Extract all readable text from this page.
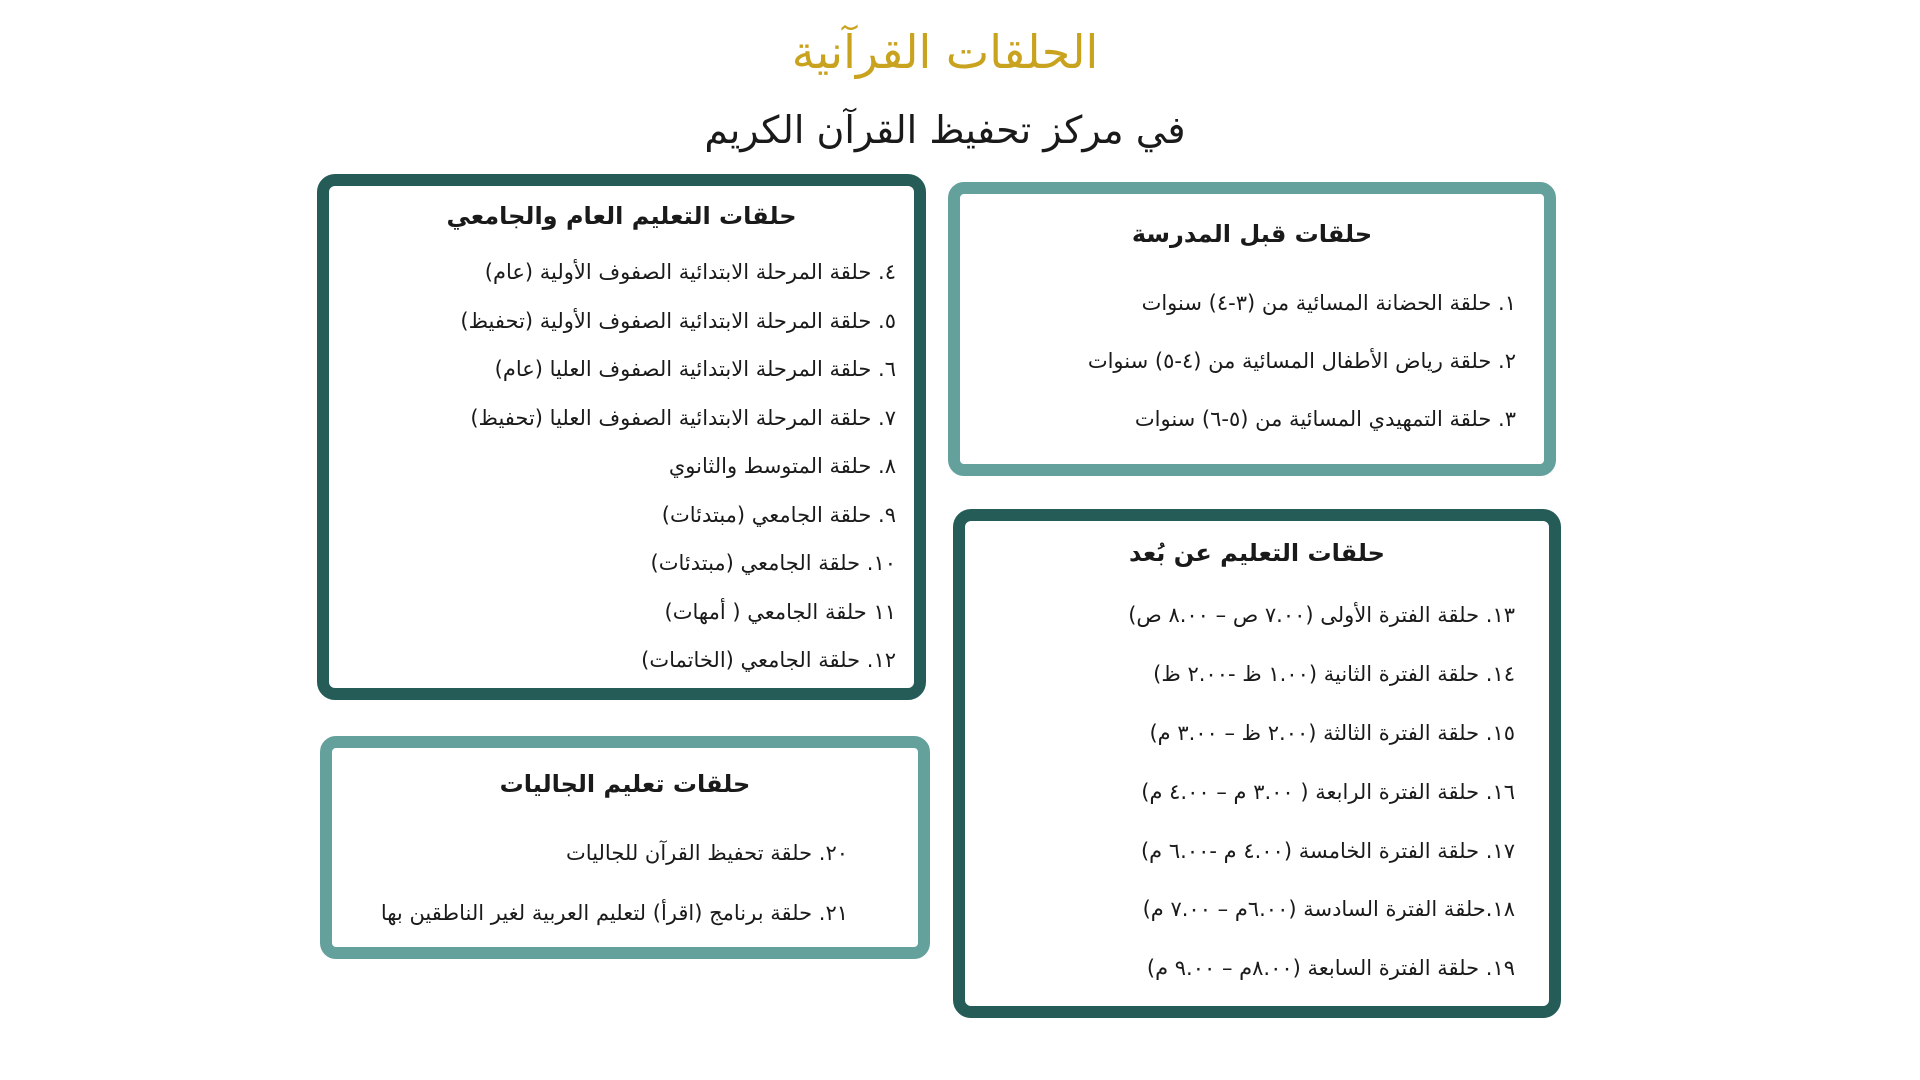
الحلقات القرآنية
في مركز تحفيظ القرآن الكريم
حلقات التعليم العام والجامعي
٤. حلقة المرحلة الابتدائية الصفوف الأولية (عام)
٥. حلقة المرحلة الابتدائية الصفوف الأولية (تحفيظ)
٦. حلقة المرحلة الابتدائية الصفوف العليا (عام)
٧. حلقة المرحلة الابتدائية الصفوف العليا (تحفيظ)
٨. حلقة المتوسط والثانوي
٩. حلقة الجامعي (مبتدئات)
١٠. حلقة الجامعي (مبتدئات)
١١ حلقة الجامعي ( أمهات)
١٢. حلقة الجامعي (الخاتمات)
حلقات قبل المدرسة
١. حلقة الحضانة المسائية من (٣-٤) سنوات
٢. حلقة رياض الأطفال المسائية من (٤-٥) سنوات
٣. حلقة التمهيدي المسائية من (٥-٦) سنوات
حلقات التعليم عن بُعد
١٣. حلقة الفترة الأولى (٧.٠٠ ص – ٨.٠٠ ص)
١٤. حلقة الفترة الثانية (١.٠٠ ظ -٢.٠٠ ظ)
١٥. حلقة الفترة الثالثة (٢.٠٠ ظ – ٣.٠٠ م)
١٦. حلقة الفترة الرابعة ( ٣.٠٠ م – ٤.٠٠ م)
١٧. حلقة الفترة الخامسة (٤.٠٠ م -٦.٠٠ م)
١٨.حلقة الفترة السادسة (٦.٠٠م – ٧.٠٠ م)
١٩. حلقة الفترة السابعة (٨.٠٠م – ٩.٠٠ م)
حلقات تعليم الجاليات
٢٠. حلقة تحفيظ القرآن للجاليات
٢١. حلقة برنامج (اقرأ) لتعليم العربية لغير الناطقين بها
